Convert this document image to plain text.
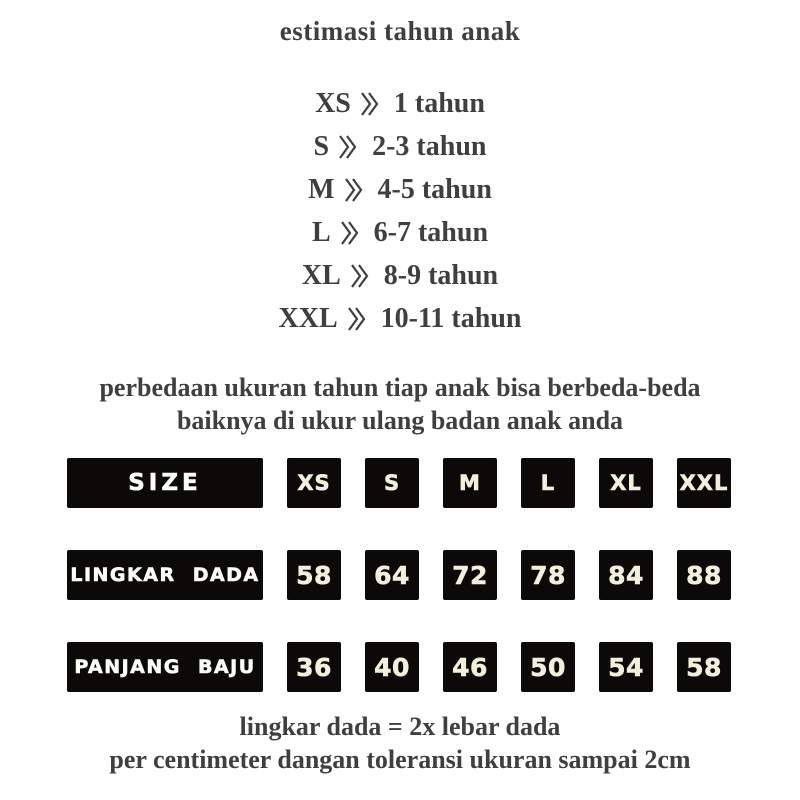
estimasi tahun anak
XS 1 tahun
S 2-3 tahun
M 4-5 tahun
L 6-7 tahun
XL 8-9 tahun
XXL 10-11 tahun

perbedaan ukuran tahun tiap anak bisa berbeda-beda
baiknya di ukur ulang badan anak anda

SIZE	XS	S	M	L	XL	XXL
LINGKAR DADA	58	64	72	78	84	88
PANJANG BAJU	36	40	46	50	54	58

lingkar dada = 2x lebar dada
per centimeter dangan toleransi ukuran sampai 2cm
